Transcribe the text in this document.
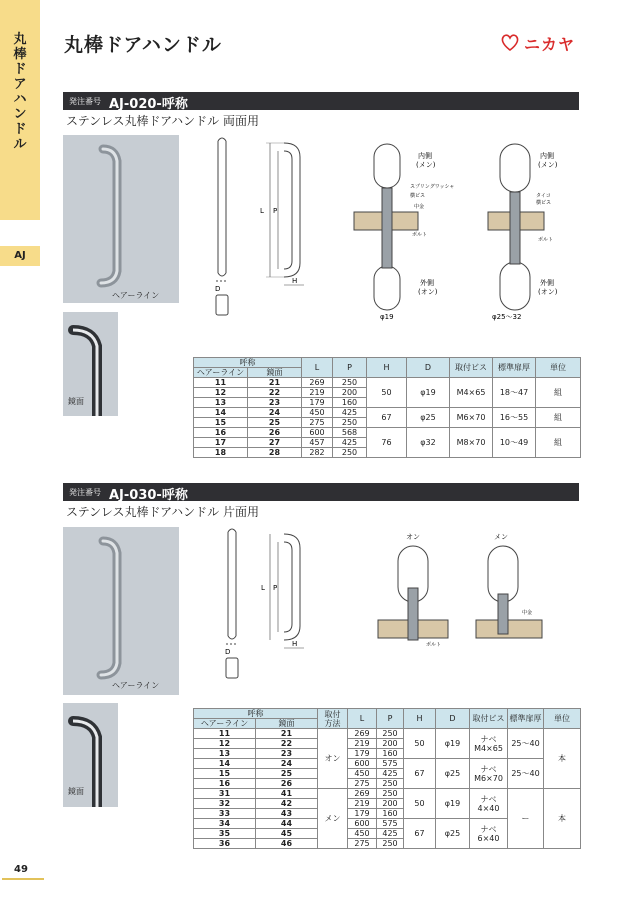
丸棒ドアハンドル
AJ
49
丸棒ドアハンドル	ニカヤ
発注番号 AJ-020-呼称
ステンレス丸棒ドアハンドル 両面用
ヘアーライン
鏡面
D
L P
H
内側
(メン)
スプリングワッシャ
横ビス
中金
ボルト
外側
(オン)
φ19
内側
(メン)
タイコ
横ビス
ボルト
外側
(オン)
φ25〜32
呼称		L	P	H	D	取付ビス	標準扉厚	単位
ヘアーライン	鏡面							
11	21	269	250	50	φ19	M4×65	18〜47	組
12	22	219	200					
13	23	179	160					
14	24	450	425	67	φ25	M6×70	16〜55	組
15	25	275	250					
16	26	600	568	76	φ32	M8×70	10〜49	組
17	27	457	425					
18	28	282	250					
発注番号 AJ-030-呼称
ステンレス丸棒ドアハンドル 片面用
ヘアーライン
鏡面
D
L P
H
オン	メン
ボルト
中金
呼称		取付
方法	L	P	H	D	取付ビス	標準扉厚	単位
ヘアーライン	鏡面								
11	21	オン	269	250	50	φ19	ナベ
M4×65	25〜40	本
12	22		219	200					
13	23		179	160					
14	24		600	575	67	φ25	ナベ
M6×70	25〜40	
15	25		450	425					
16	26		275	250					
31	41	メン	269	250	50	φ19	ナベ
4×40	ー	本
32	42		219	200					
33	43		179	160					
34	44		600	575	67	φ25	ナベ
6×40		
35	45		450	425					
36	46		275	250					
